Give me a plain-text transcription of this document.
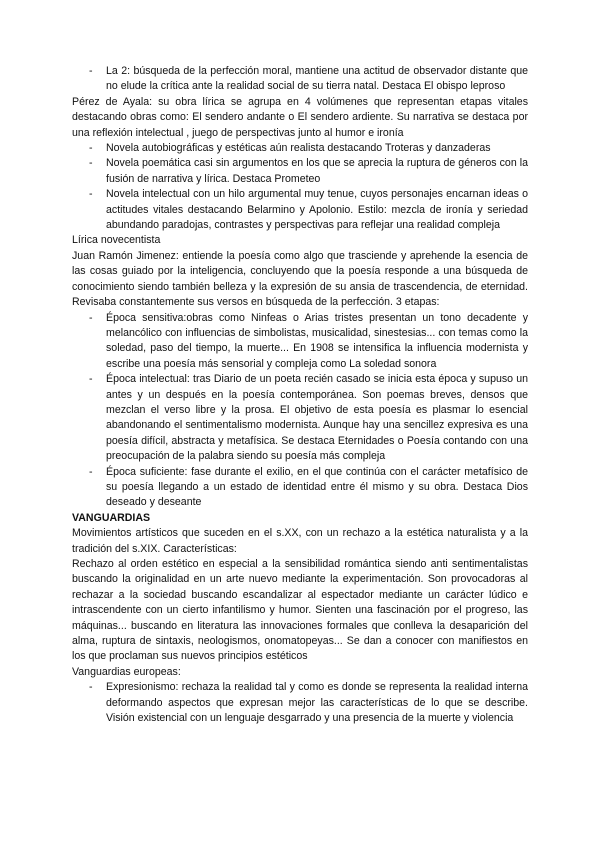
- La 2: búsqueda de la perfección moral, mantiene una actitud de observador distante que no elude la crítica ante la realidad social de su tierra natal. Destaca El obispo leproso

Pérez de Ayala: su obra lírica se agrupa en 4 volúmenes que representan etapas vitales destacando obras como: El sendero andante o El sendero ardiente. Su narrativa se destaca por una reflexión intelectual , juego de perspectivas junto al humor e ironía

- Novela autobiográficas y estéticas aún realista destacando Troteras y danzaderas
- Novela poemática casi sin argumentos en los que se aprecia la ruptura de géneros con la fusión de narrativa y lírica. Destaca Prometeo
- Novela intelectual con un hilo argumental muy tenue, cuyos personajes encarnan ideas o actitudes vitales destacando Belarmino y Apolonio. Estilo: mezcla de ironía y seriedad abundando paradojas, contrastes y perspectivas para reflejar una realidad compleja

Lírica novecentista

Juan Ramón Jimenez: entiende la poesía como algo que trasciende y aprehende la esencia de las cosas guiado por la inteligencia, concluyendo que la poesía responde a una búsqueda de conocimiento siendo también belleza y la expresión de su ansia de trascendencia, de eternidad. Revisaba constantemente sus versos en búsqueda de la perfección. 3 etapas:

- Época sensitiva:obras como Ninfeas o Arias tristes presentan un tono decadente y melancólico con influencias de simbolistas, musicalidad, sinestesias... con temas como la soledad, paso del tiempo, la muerte... En 1908 se intensifica la influencia modernista y escribe una poesía más sensorial y compleja como La soledad sonora
- Época intelectual: tras Diario de un poeta recién casado se inicia esta época y supuso un antes y un después en la poesía contemporánea. Son poemas breves, densos que mezclan el verso libre y la prosa. El objetivo de esta poesía es plasmar lo esencial abandonando el sentimentalismo modernista. Aunque hay una sencillez expresiva es una poesía difícil, abstracta y metafísica. Se destaca Eternidades o Poesía contando con una preocupación de la palabra siendo su poesía más compleja
- Época suficiente: fase durante el exilio, en el que continúa con el carácter metafísico de su poesía llegando a un estado de identidad entre él mismo y su obra. Destaca Dios deseado y deseante

VANGUARDIAS

Movimientos artísticos que suceden en el s.XX, con un rechazo a la estética naturalista y a la tradición del s.XIX. Características:

Rechazo al orden estético en especial a la sensibilidad romántica siendo anti sentimentalistas buscando la originalidad en un arte nuevo mediante la experimentación. Son provocadoras al rechazar a la sociedad buscando escandalizar al espectador mediante un carácter lúdico e intrascendente con un cierto infantilismo y humor. Sienten una fascinación por el progreso, las máquinas... buscando en literatura las innovaciones formales que conlleva la desaparición del alma, ruptura de sintaxis, neologismos, onomatopeyas... Se dan a conocer con manifiestos en los que proclaman sus nuevos principios estéticos

Vanguardias europeas:

- Expresionismo: rechaza la realidad tal y como es donde se representa la realidad interna deformando aspectos que expresan mejor las características de lo que se describe. Visión existencial con un lenguaje desgarrado y una presencia de la muerte y violencia
